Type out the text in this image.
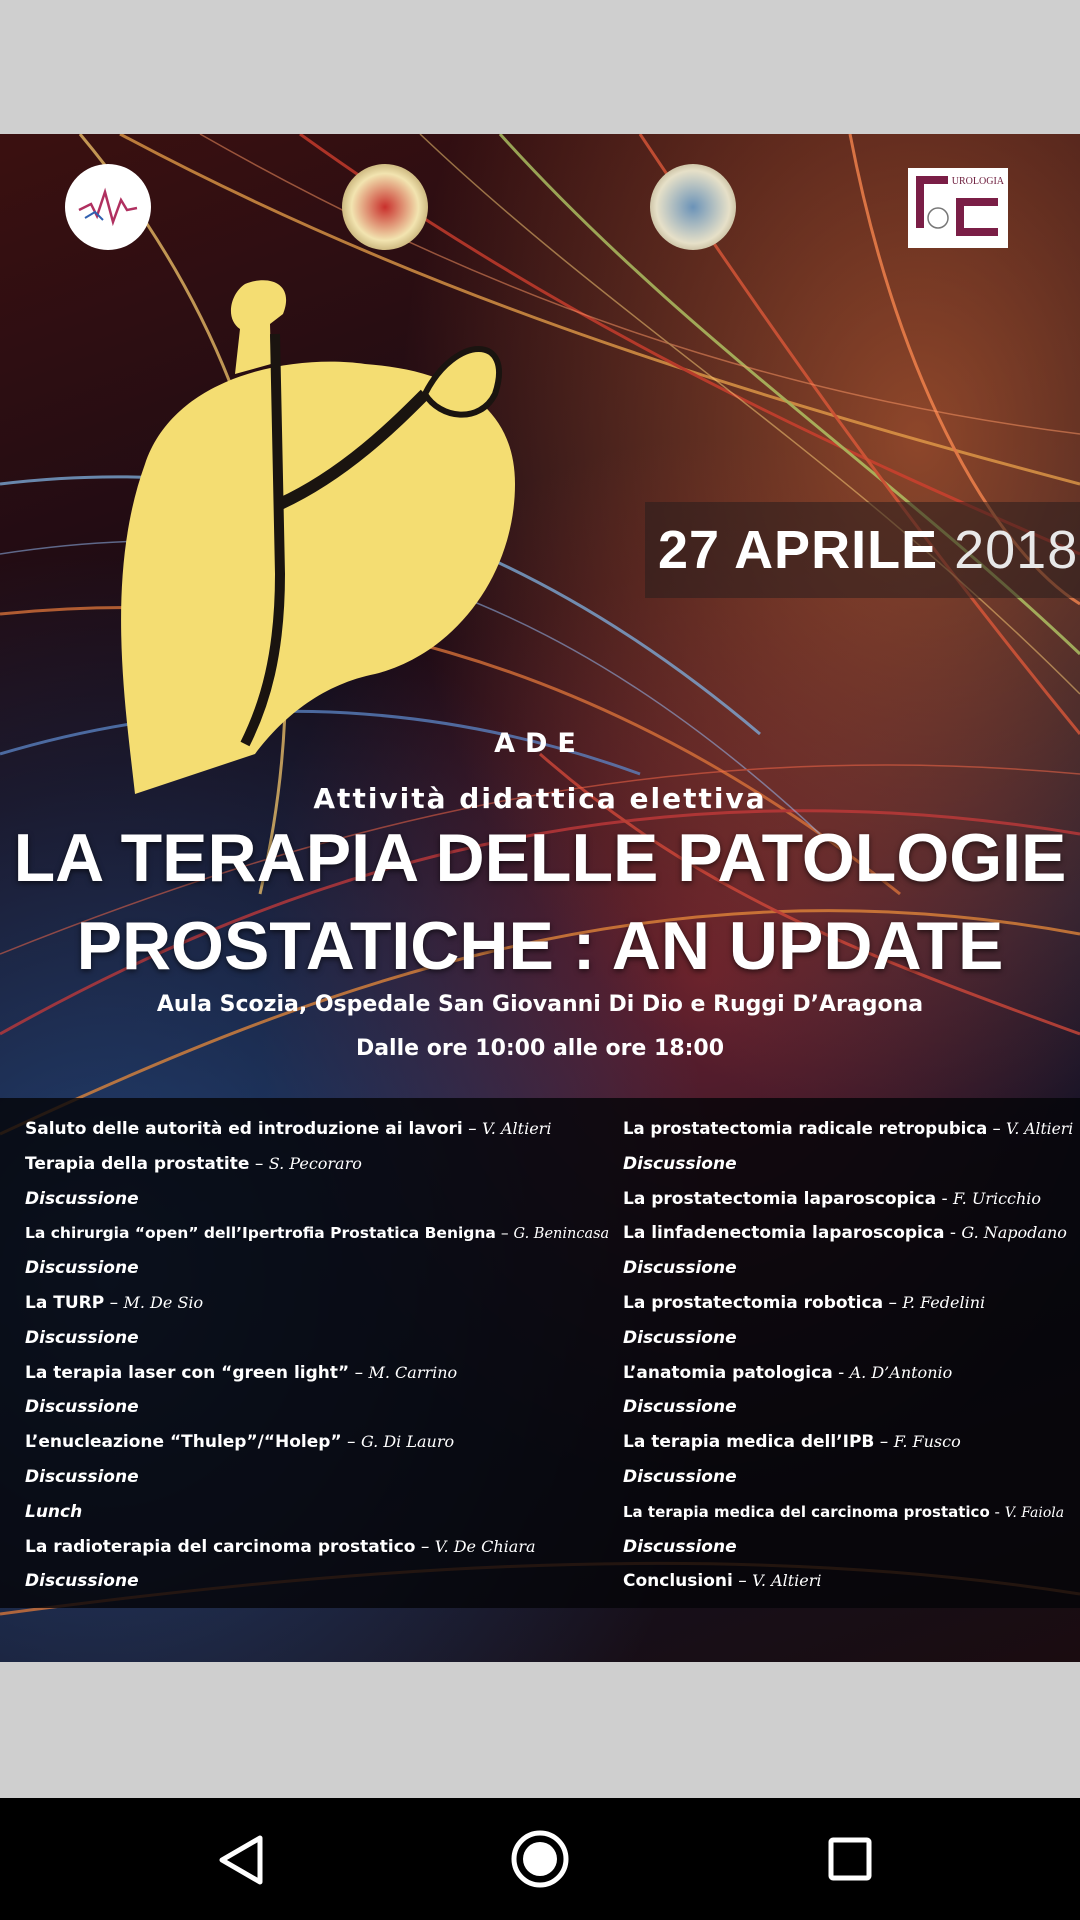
UROLOGIA
27 APRILE 2018
ADE
Attività didattica elettiva
LA TERAPIA DELLE PATOLOGIE
PROSTATICHE : AN UPDATE
Aula Scozia, Ospedale San Giovanni Di Dio e Ruggi D’Aragona
Dalle ore 10:00 alle ore 18:00
Saluto delle autorità ed introduzione ai lavori – V. Altieri
Terapia della prostatite – S. Pecoraro
Discussione
La chirurgia “open” dell’Ipertrofia Prostatica Benigna – G. Benincasa
Discussione
La TURP – M. De Sio
Discussione
La terapia laser con “green light” – M. Carrino
Discussione
L’enucleazione “Thulep”/“Holep” – G. Di Lauro
Discussione
Lunch
La radioterapia del carcinoma prostatico – V. De Chiara
Discussione
La prostatectomia radicale retropubica – V. Altieri
Discussione
La prostatectomia laparoscopica - F. Uricchio
La linfadenectomia laparoscopica - G. Napodano
Discussione
La prostatectomia robotica – P. Fedelini
Discussione
L’anatomia patologica - A. D’Antonio
Discussione
La terapia medica dell’IPB – F. Fusco
Discussione
La terapia medica del carcinoma prostatico - V. Faiola
Discussione
Conclusioni – V. Altieri
